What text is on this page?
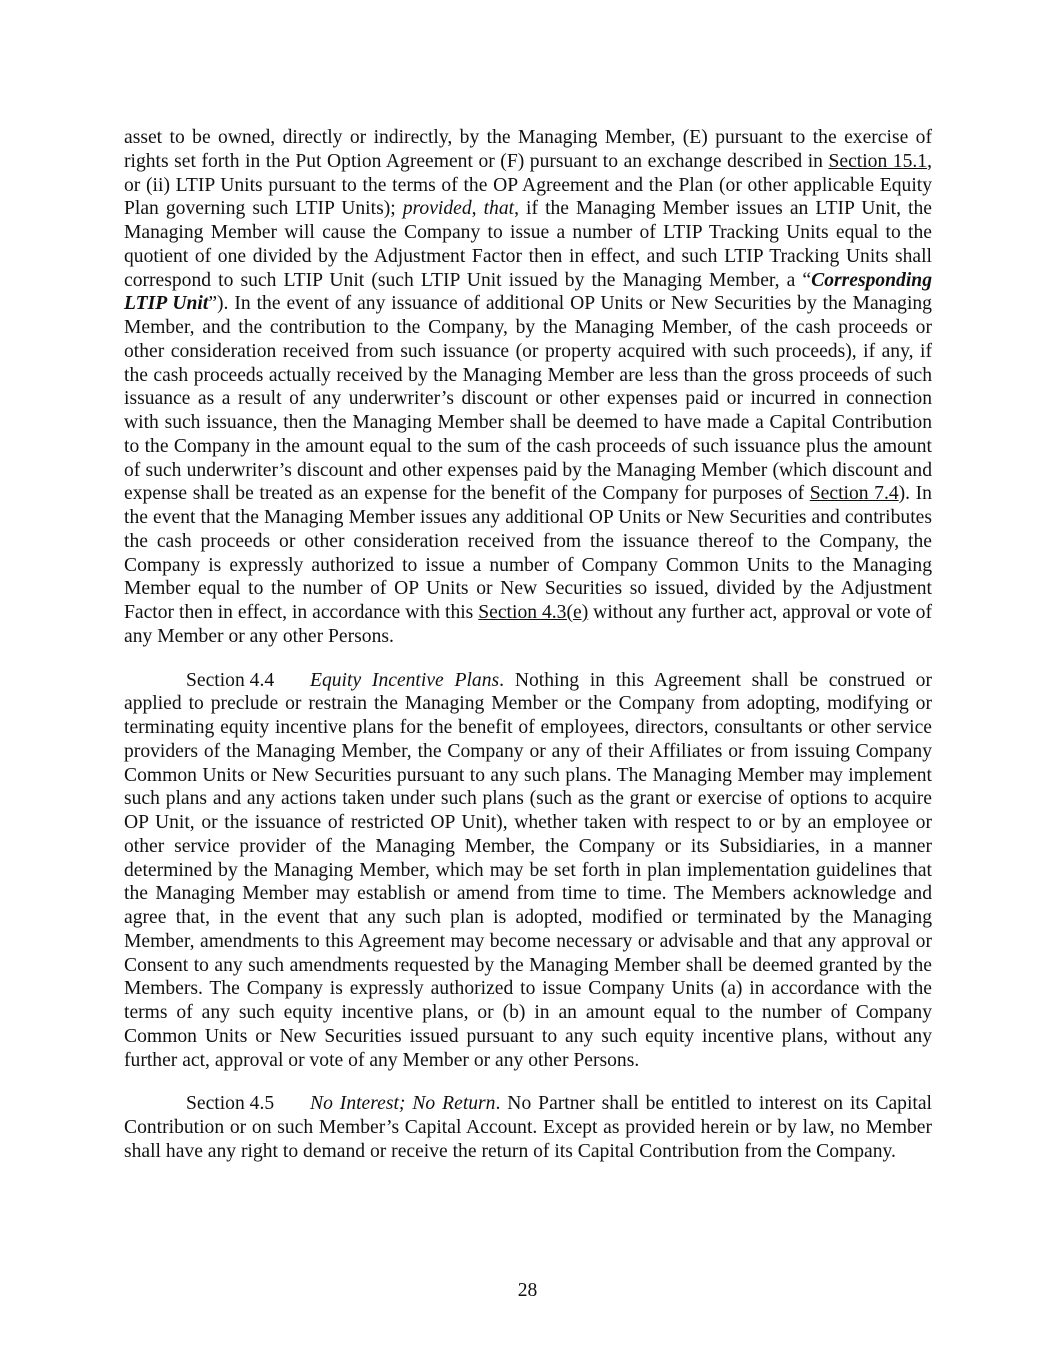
asset to be owned, directly or indirectly, by the Managing Member, (E) pursuant to the exercise of rights set forth in the Put Option Agreement or (F) pursuant to an exchange described in Section 15.1, or (ii) LTIP Units pursuant to the terms of the OP Agreement and the Plan (or other applicable Equity Plan governing such LTIP Units); provided, that, if the Managing Member issues an LTIP Unit, the Managing Member will cause the Company to issue a number of LTIP Tracking Units equal to the quotient of one divided by the Adjustment Factor then in effect, and such LTIP Tracking Units shall correspond to such LTIP Unit (such LTIP Unit issued by the Managing Member, a “Corresponding LTIP Unit”). In the event of any issuance of additional OP Units or New Securities by the Managing Member, and the contribution to the Company, by the Managing Member, of the cash proceeds or other consideration received from such issuance (or property acquired with such proceeds), if any, if the cash proceeds actually received by the Managing Member are less than the gross proceeds of such issuance as a result of any underwriter’s discount or other expenses paid or incurred in connection with such issuance, then the Managing Member shall be deemed to have made a Capital Contribution to the Company in the amount equal to the sum of the cash proceeds of such issuance plus the amount of such underwriter’s discount and other expenses paid by the Managing Member (which discount and expense shall be treated as an expense for the benefit of the Company for purposes of Section 7.4). In the event that the Managing Member issues any additional OP Units or New Securities and contributes the cash proceeds or other consideration received from the issuance thereof to the Company, the Company is expressly authorized to issue a number of Company Common Units to the Managing Member equal to the number of OP Units or New Securities so issued, divided by the Adjustment Factor then in effect, in accordance with this Section 4.3(e) without any further act, approval or vote of any Member or any other Persons.

Section 4.4 Equity Incentive Plans. Nothing in this Agreement shall be construed or applied to preclude or restrain the Managing Member or the Company from adopting, modifying or terminating equity incentive plans for the benefit of employees, directors, consultants or other service providers of the Managing Member, the Company or any of their Affiliates or from issuing Company Common Units or New Securities pursuant to any such plans. The Managing Member may implement such plans and any actions taken under such plans (such as the grant or exercise of options to acquire OP Unit, or the issuance of restricted OP Unit), whether taken with respect to or by an employee or other service provider of the Managing Member, the Company or its Subsidiaries, in a manner determined by the Managing Member, which may be set forth in plan implementation guidelines that the Managing Member may establish or amend from time to time. The Members acknowledge and agree that, in the event that any such plan is adopted, modified or terminated by the Managing Member, amendments to this Agreement may become necessary or advisable and that any approval or Consent to any such amendments requested by the Managing Member shall be deemed granted by the Members. The Company is expressly authorized to issue Company Units (a) in accordance with the terms of any such equity incentive plans, or (b) in an amount equal to the number of Company Common Units or New Securities issued pursuant to any such equity incentive plans, without any further act, approval or vote of any Member or any other Persons.

Section 4.5 No Interest; No Return. No Partner shall be entitled to interest on its Capital Contribution or on such Member’s Capital Account. Except as provided herein or by law, no Member shall have any right to demand or receive the return of its Capital Contribution from the Company.

28
